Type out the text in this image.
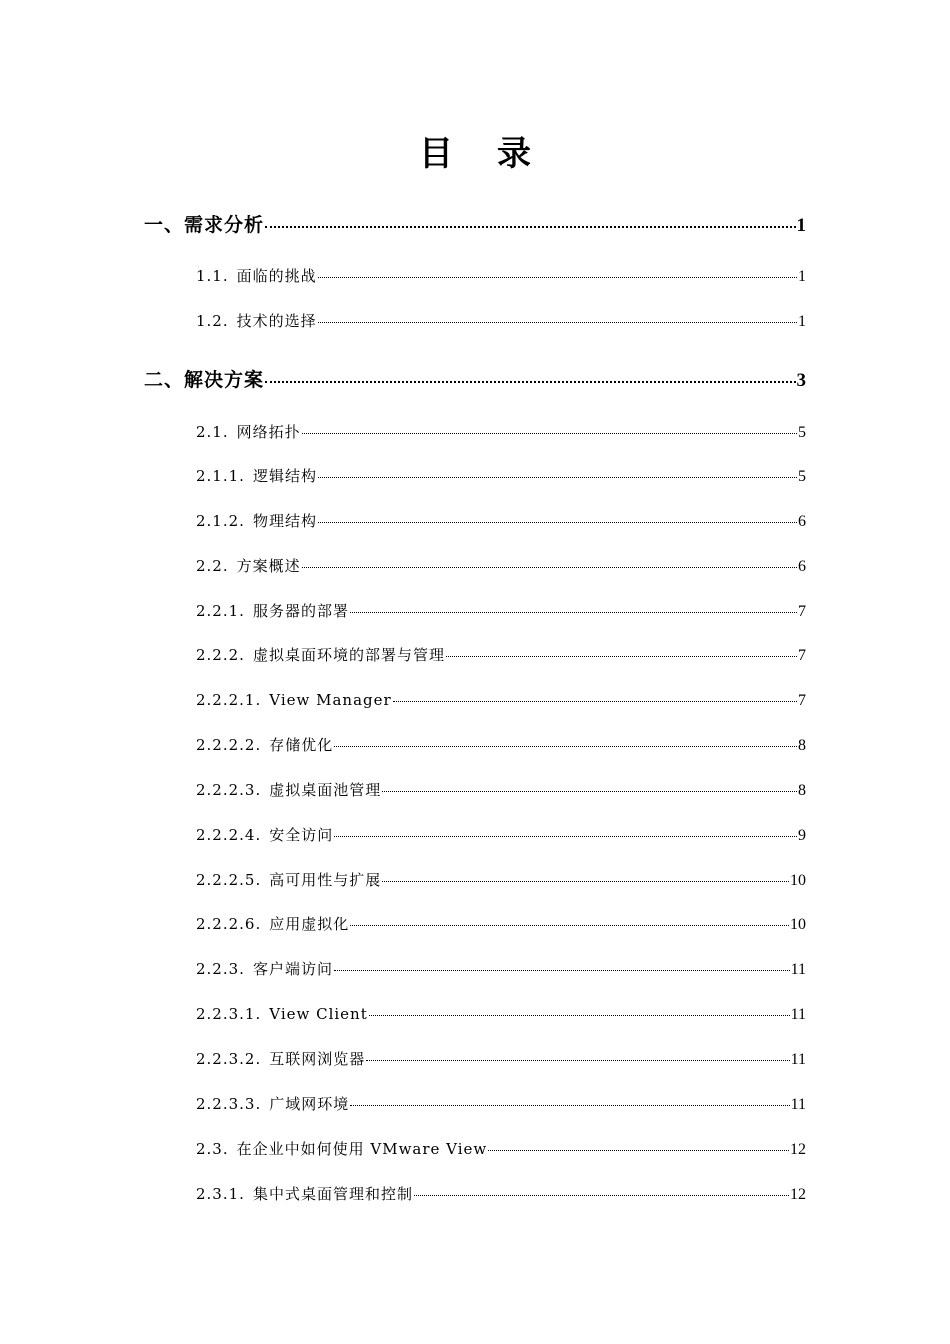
目 录
一、 需求分析	1
1.1. 面临的挑战	1
1.2. 技术的选择	1
二、 解决方案	3
2.1. 网络拓扑	5
2.1.1. 逻辑结构	5
2.1.2. 物理结构	6
2.2. 方案概述	6
2.2.1. 服务器的部署	7
2.2.2. 虚拟桌面环境的部署与管理	7
2.2.2.1. View Manager	7
2.2.2.2. 存储优化	8
2.2.2.3. 虚拟桌面池管理	8
2.2.2.4. 安全访问	9
2.2.2.5. 高可用性与扩展	10
2.2.2.6. 应用虚拟化	10
2.2.3. 客户端访问	11
2.2.3.1. View Client	11
2.2.3.2. 互联网浏览器	11
2.2.3.3. 广域网环境	11
2.3. 在企业中如何使用 VMware View	12
2.3.1. 集中式桌面管理和控制	12
